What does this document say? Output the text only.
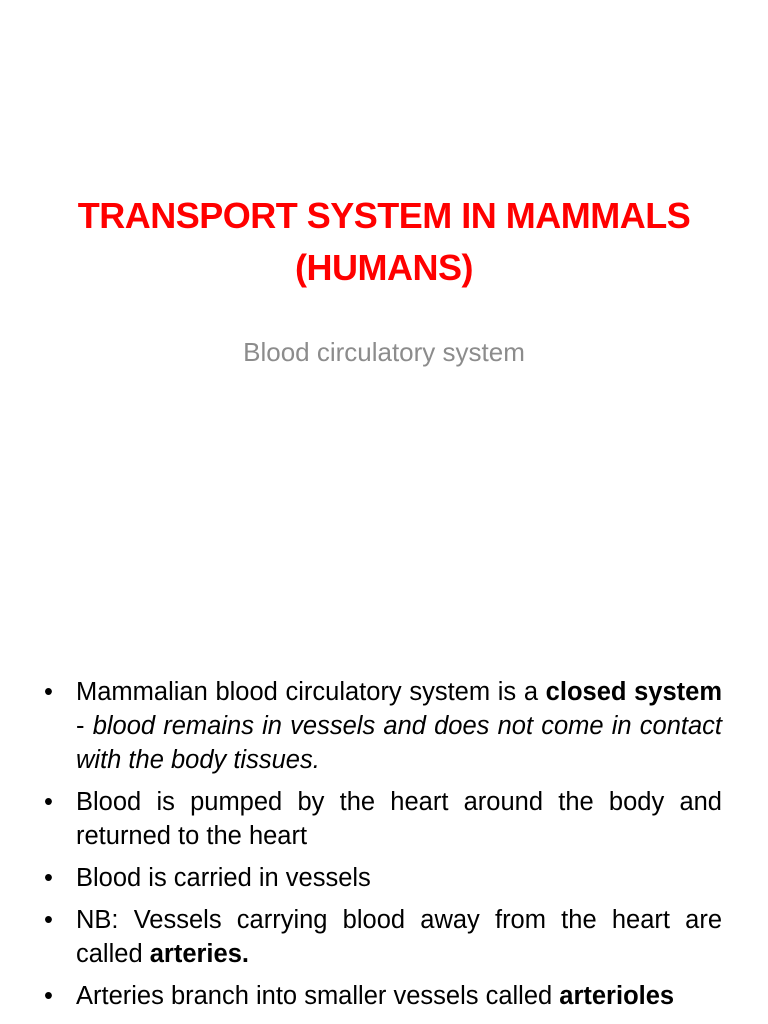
TRANSPORT SYSTEM IN MAMMALS
(HUMANS)
Blood circulatory system
• Mammalian blood circulatory system is a closed system - blood remains in vessels and does not come in contact with the body tissues.
• Blood is pumped by the heart around the body and returned to the heart
• Blood is carried in vessels
• NB: Vessels carrying blood away from the heart are called arteries.
• Arteries branch into smaller vessels called arterioles
